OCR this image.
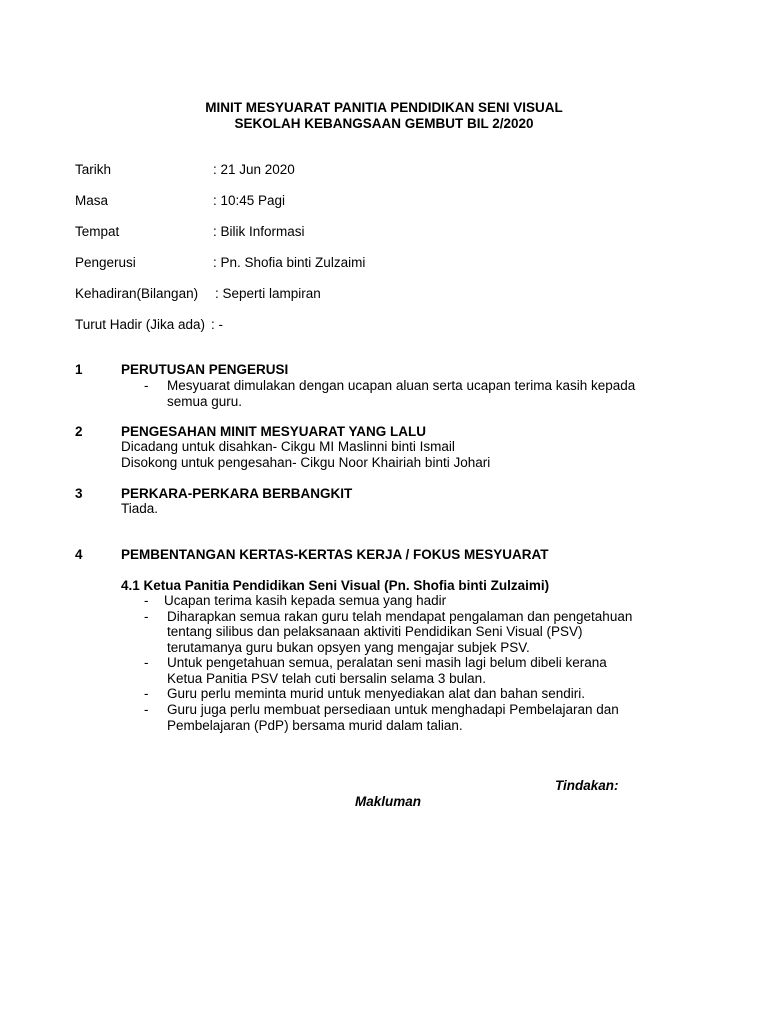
MINIT MESYUARAT PANITIA PENDIDIKAN SENI VISUAL
SEKOLAH KEBANGSAAN GEMBUT BIL 2/2020
Tarikh	: 21 Jun 2020
Masa	: 10:45 Pagi
Tempat	: Bilik Informasi
Pengerusi	: Pn. Shofia binti Zulzaimi
Kehadiran(Bilangan) : Seperti lampiran
Turut Hadir (Jika ada) : -
1	PERUTUSAN PENGERUSI
- Mesyuarat dimulakan dengan ucapan aluan serta ucapan terima kasih kepada
semua guru.
2	PENGESAHAN MINIT MESYUARAT YANG LALU
Dicadang untuk disahkan- Cikgu MI Maslinni binti Ismail
Disokong untuk pengesahan- Cikgu Noor Khairiah binti Johari
3	PERKARA-PERKARA BERBANGKIT
Tiada.
4	PEMBENTANGAN KERTAS-KERTAS KERJA / FOKUS MESYUARAT
4.1 Ketua Panitia Pendidikan Seni Visual (Pn. Shofia binti Zulzaimi)
- Ucapan terima kasih kepada semua yang hadir
- Diharapkan semua rakan guru telah mendapat pengalaman dan pengetahuan
tentang silibus dan pelaksanaan aktiviti Pendidikan Seni Visual (PSV)
terutamanya guru bukan opsyen yang mengajar subjek PSV.
- Untuk pengetahuan semua, peralatan seni masih lagi belum dibeli kerana
Ketua Panitia PSV telah cuti bersalin selama 3 bulan.
- Guru perlu meminta murid untuk menyediakan alat dan bahan sendiri.
- Guru juga perlu membuat persediaan untuk menghadapi Pembelajaran dan
Pembelajaran (PdP) bersama murid dalam talian.
Tindakan:
Makluman
